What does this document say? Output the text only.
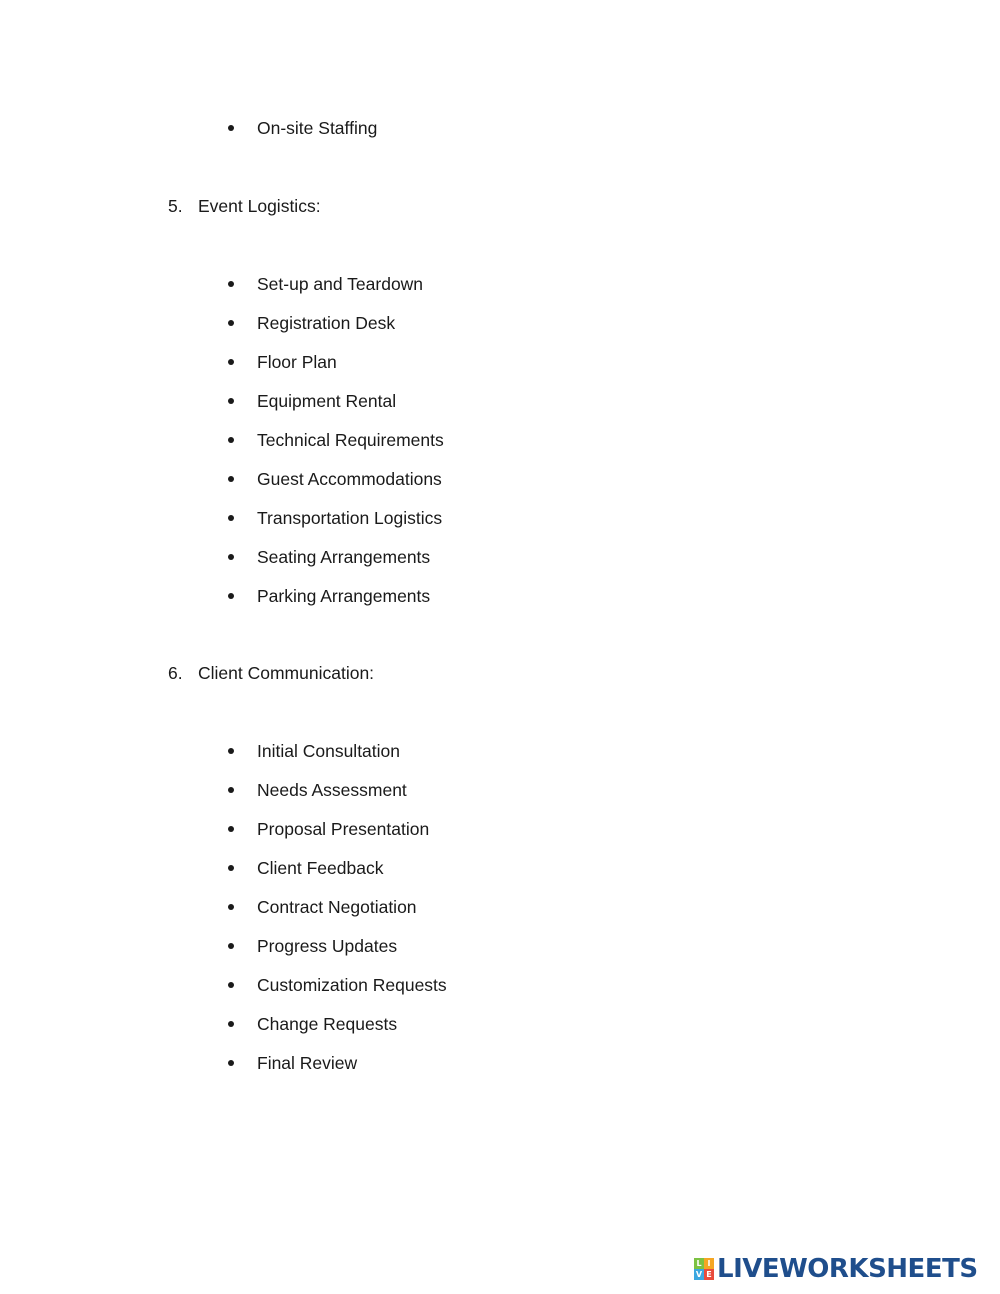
On-site Staffing
5. Event Logistics:
Set-up and Teardown
Registration Desk
Floor Plan
Equipment Rental
Technical Requirements
Guest Accommodations
Transportation Logistics
Seating Arrangements
Parking Arrangements
6. Client Communication:
Initial Consultation
Needs Assessment
Proposal Presentation
Client Feedback
Contract Negotiation
Progress Updates
Customization Requests
Change Requests
Final Review
L I
V E LIVEWORKSHEETS
